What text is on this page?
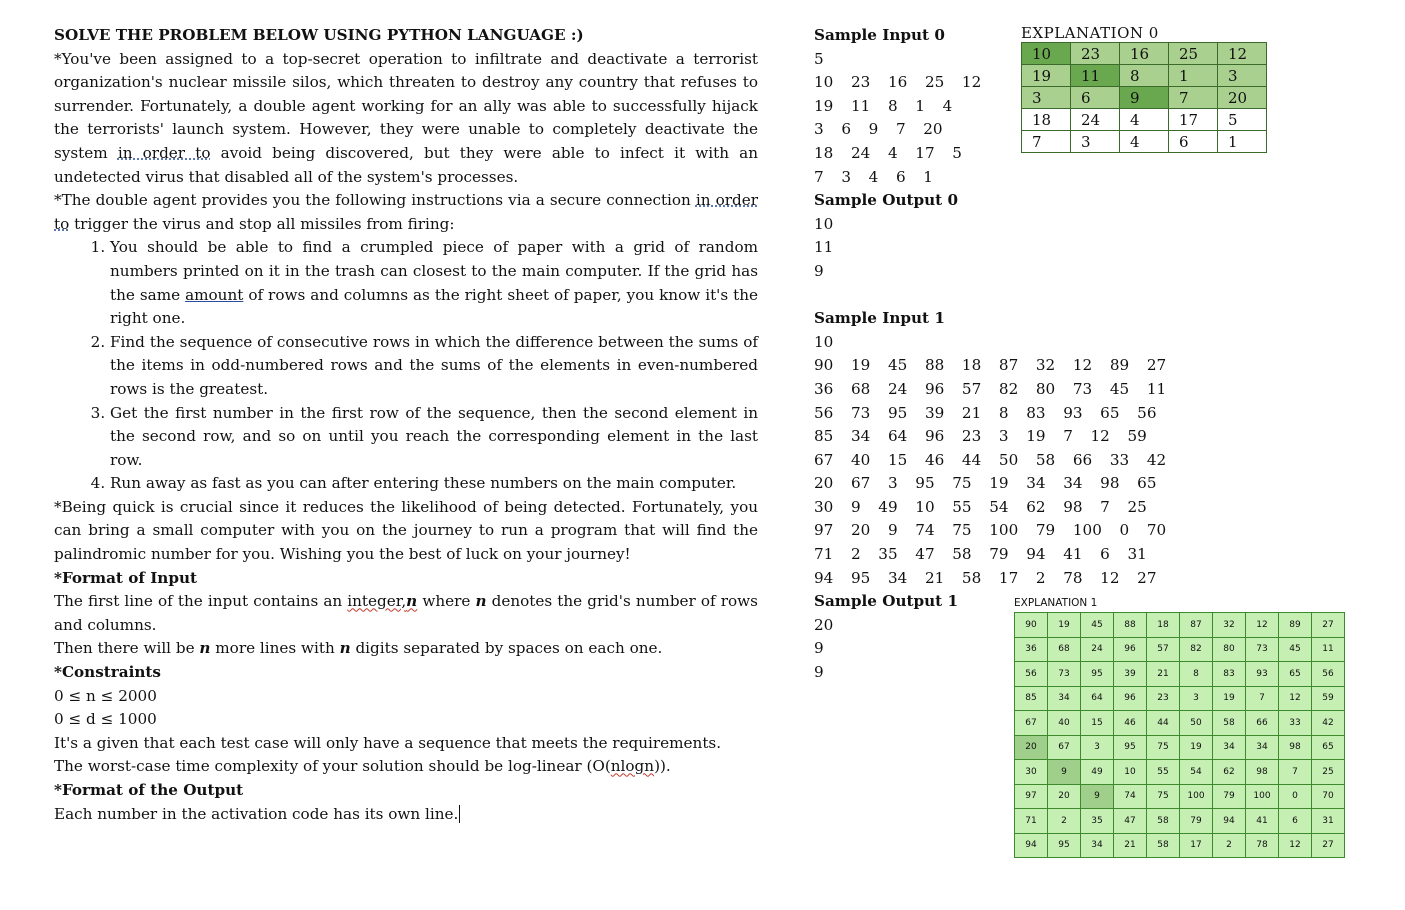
SOLVE THE PROBLEM BELOW USING PYTHON LANGUAGE :)

*You've been assigned to a top-secret operation to infiltrate and deactivate a terrorist organization's nuclear missile silos, which threaten to destroy any country that refuses to surrender. Fortunately, a double agent working for an ally was able to successfully hijack the terrorists' launch system. However, they were unable to completely deactivate the system in order to avoid being discovered, but they were able to infect it with an undetected virus that disabled all of the system's processes.

*The double agent provides you the following instructions via a secure connection in order to trigger the virus and stop all missiles from firing:

1. You should be able to find a crumpled piece of paper with a grid of random numbers printed on it in the trash can closest to the main computer. If the grid has the same amount of rows and columns as the right sheet of paper, you know it's the right one.
2. Find the sequence of consecutive rows in which the difference between the sums of the items in odd-numbered rows and the sums of the elements in even-numbered rows is the greatest.
3. Get the first number in the first row of the sequence, then the second element in the second row, and so on until you reach the corresponding element in the last row.
4. Run away as fast as you can after entering these numbers on the main computer.

*Being quick is crucial since it reduces the likelihood of being detected. Fortunately, you can bring a small computer with you on the journey to run a program that will find the palindromic number for you. Wishing you the best of luck on your journey!

*Format of Input

The first line of the input contains an integer,n where n denotes the grid's number of rows and columns.

Then there will be n more lines with n digits separated by spaces on each one.

*Constraints

0 ≤ n ≤ 2000

0 ≤ d ≤ 1000

It's a given that each test case will only have a sequence that meets the requirements.

The worst-case time complexity of your solution should be log-linear (O(nlogn)).

*Format of the Output

Each number in the activation code has its own line.

Sample Input 0
5
10  23  16  25  12
19  11  8  1  4
3  6  9  7  20
18  24  4  17  5
7  3  4  6  1
Sample Output 0
10
11
9
Sample Input 1
10
90  19  45  88  18  87  32  12  89  27
36  68  24  96  57  82  80  73  45  11
56  73  95  39  21  8  83  93  65  56
85  34  64  96  23  3  19  7  12  59
67  40  15  46  44  50  58  66  33  42
20  67  3  95  75  19  34  34  98  65
30  9  49  10  55  54  62  98  7  25
97  20  9  74  75  100  79  100  0  70
71  2  35  47  58  79  94  41  6  31
94  95  34  21  58  17  2  78  12  27
Sample Output 1
20
9
9
EXPLANATION 0
10	23	16	25	12
19	11	8	1	3
3	6	9	7	20
18	24	4	17	5
7	3	4	6	1
EXPLANATION 1
90	19	45	88	18	87	32	12	89	27
36	68	24	96	57	82	80	73	45	11
56	73	95	39	21	8	83	93	65	56
85	34	64	96	23	3	19	7	12	59
67	40	15	46	44	50	58	66	33	42
20	67	3	95	75	19	34	34	98	65
30	9	49	10	55	54	62	98	7	25
97	20	9	74	75	100	79	100	0	70
71	2	35	47	58	79	94	41	6	31
94	95	34	21	58	17	2	78	12	27
